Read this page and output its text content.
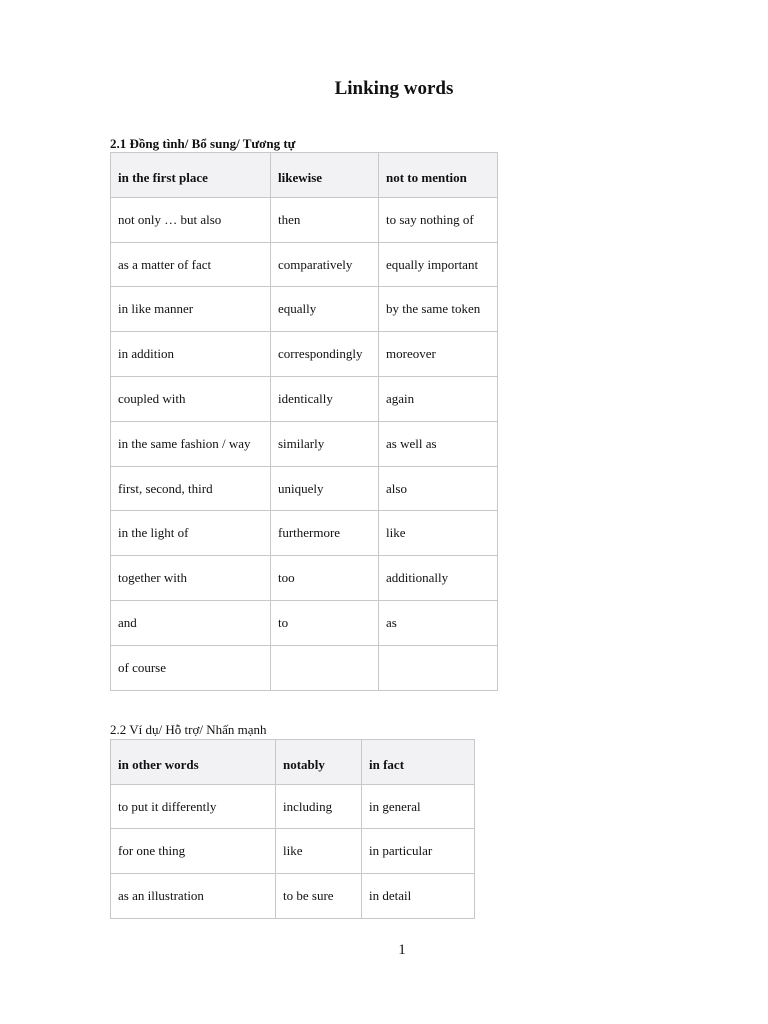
Linking words

2.1 Đồng tình/ Bổ sung/ Tương tự

in the first place	likewise	not to mention
not only … but also	then	to say nothing of
as a matter of fact	comparatively	equally important
in like manner	equally	by the same token
in addition	correspondingly	moreover
coupled with	identically	again
in the same fashion / way	similarly	as well as
first, second, third	uniquely	also
in the light of	furthermore	like
together with	too	additionally
and	to	as
of course		

2.2 Ví dụ/ Hỗ trợ/ Nhấn mạnh

in other words	notably	in fact
to put it differently	including	in general
for one thing	like	in particular
as an illustration	to be sure	in detail

1
